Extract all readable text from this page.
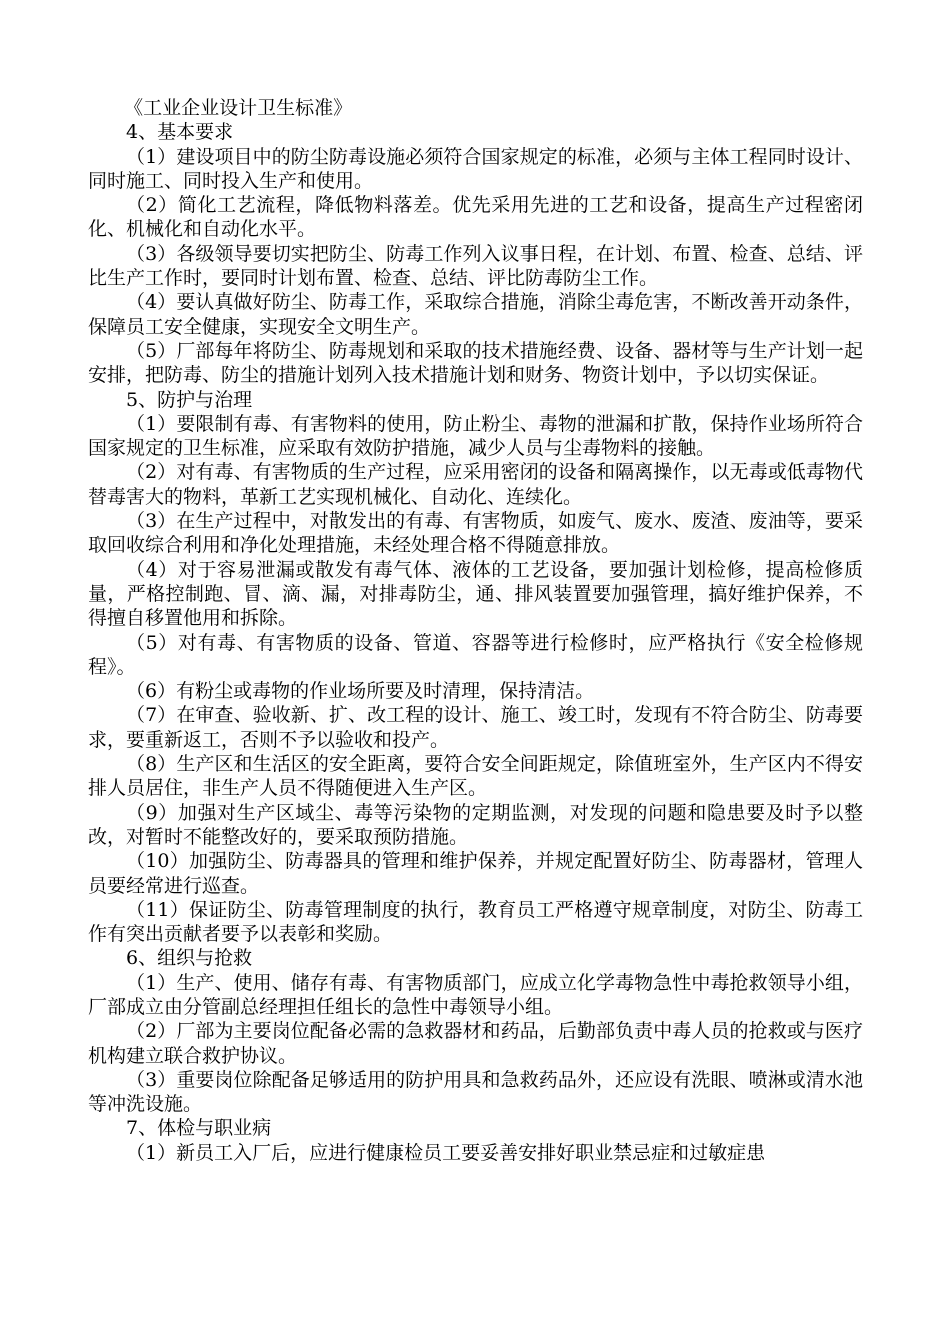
《工业企业设计卫生标准》

4、基本要求

（1）建设项目中的防尘防毒设施必须符合国家规定的标准，必须与主体工程同时设计、同时施工、同时投入生产和使用。

（2）简化工艺流程，降低物料落差。优先采用先进的工艺和设备，提高生产过程密闭化、机械化和自动化水平。

（3）各级领导要切实把防尘、防毒工作列入议事日程，在计划、布置、检查、总结、评比生产工作时，要同时计划布置、检查、总结、评比防毒防尘工作。

（4）要认真做好防尘、防毒工作，采取综合措施，消除尘毒危害，不断改善开动条件，保障员工安全健康，实现安全文明生产。

（5）厂部每年将防尘、防毒规划和采取的技术措施经费、设备、器材等与生产计划一起安排，把防毒、防尘的措施计划列入技术措施计划和财务、物资计划中，予以切实保证。

5、防护与治理

（1）要限制有毒、有害物料的使用，防止粉尘、毒物的泄漏和扩散，保持作业场所符合国家规定的卫生标准，应采取有效防护措施，减少人员与尘毒物料的接触。

（2）对有毒、有害物质的生产过程，应采用密闭的设备和隔离操作，以无毒或低毒物代替毒害大的物料，革新工艺实现机械化、自动化、连续化。

（3）在生产过程中，对散发出的有毒、有害物质，如废气、废水、废渣、废油等，要采取回收综合利用和净化处理措施，未经处理合格不得随意排放。

（4）对于容易泄漏或散发有毒气体、液体的工艺设备，要加强计划检修，提高检修质量，严格控制跑、冒、滴、漏，对排毒防尘，通、排风装置要加强管理，搞好维护保养，不得擅自移置他用和拆除。

（5）对有毒、有害物质的设备、管道、容器等进行检修时，应严格执行《安全检修规程》。

（6）有粉尘或毒物的作业场所要及时清理，保持清洁。

（7）在审查、验收新、扩、改工程的设计、施工、竣工时，发现有不符合防尘、防毒要求，要重新返工，否则不予以验收和投产。

（8）生产区和生活区的安全距离，要符合安全间距规定，除值班室外，生产区内不得安排人员居住，非生产人员不得随便进入生产区。

（9）加强对生产区域尘、毒等污染物的定期监测，对发现的问题和隐患要及时予以整改，对暂时不能整改好的，要采取预防措施。

（10）加强防尘、防毒器具的管理和维护保养，并规定配置好防尘、防毒器材，管理人员要经常进行巡查。

（11）保证防尘、防毒管理制度的执行，教育员工严格遵守规章制度，对防尘、防毒工作有突出贡献者要予以表彰和奖励。

6、组织与抢救

（1）生产、使用、储存有毒、有害物质部门，应成立化学毒物急性中毒抢救领导小组，厂部成立由分管副总经理担任组长的急性中毒领导小组。

（2）厂部为主要岗位配备必需的急救器材和药品，后勤部负责中毒人员的抢救或与医疗机构建立联合救护协议。

（3）重要岗位除配备足够适用的防护用具和急救药品外，还应设有洗眼、喷淋或清水池等冲洗设施。

7、体检与职业病

（1）新员工入厂后，应进行健康检员工要妥善安排好职业禁忌症和过敏症患
